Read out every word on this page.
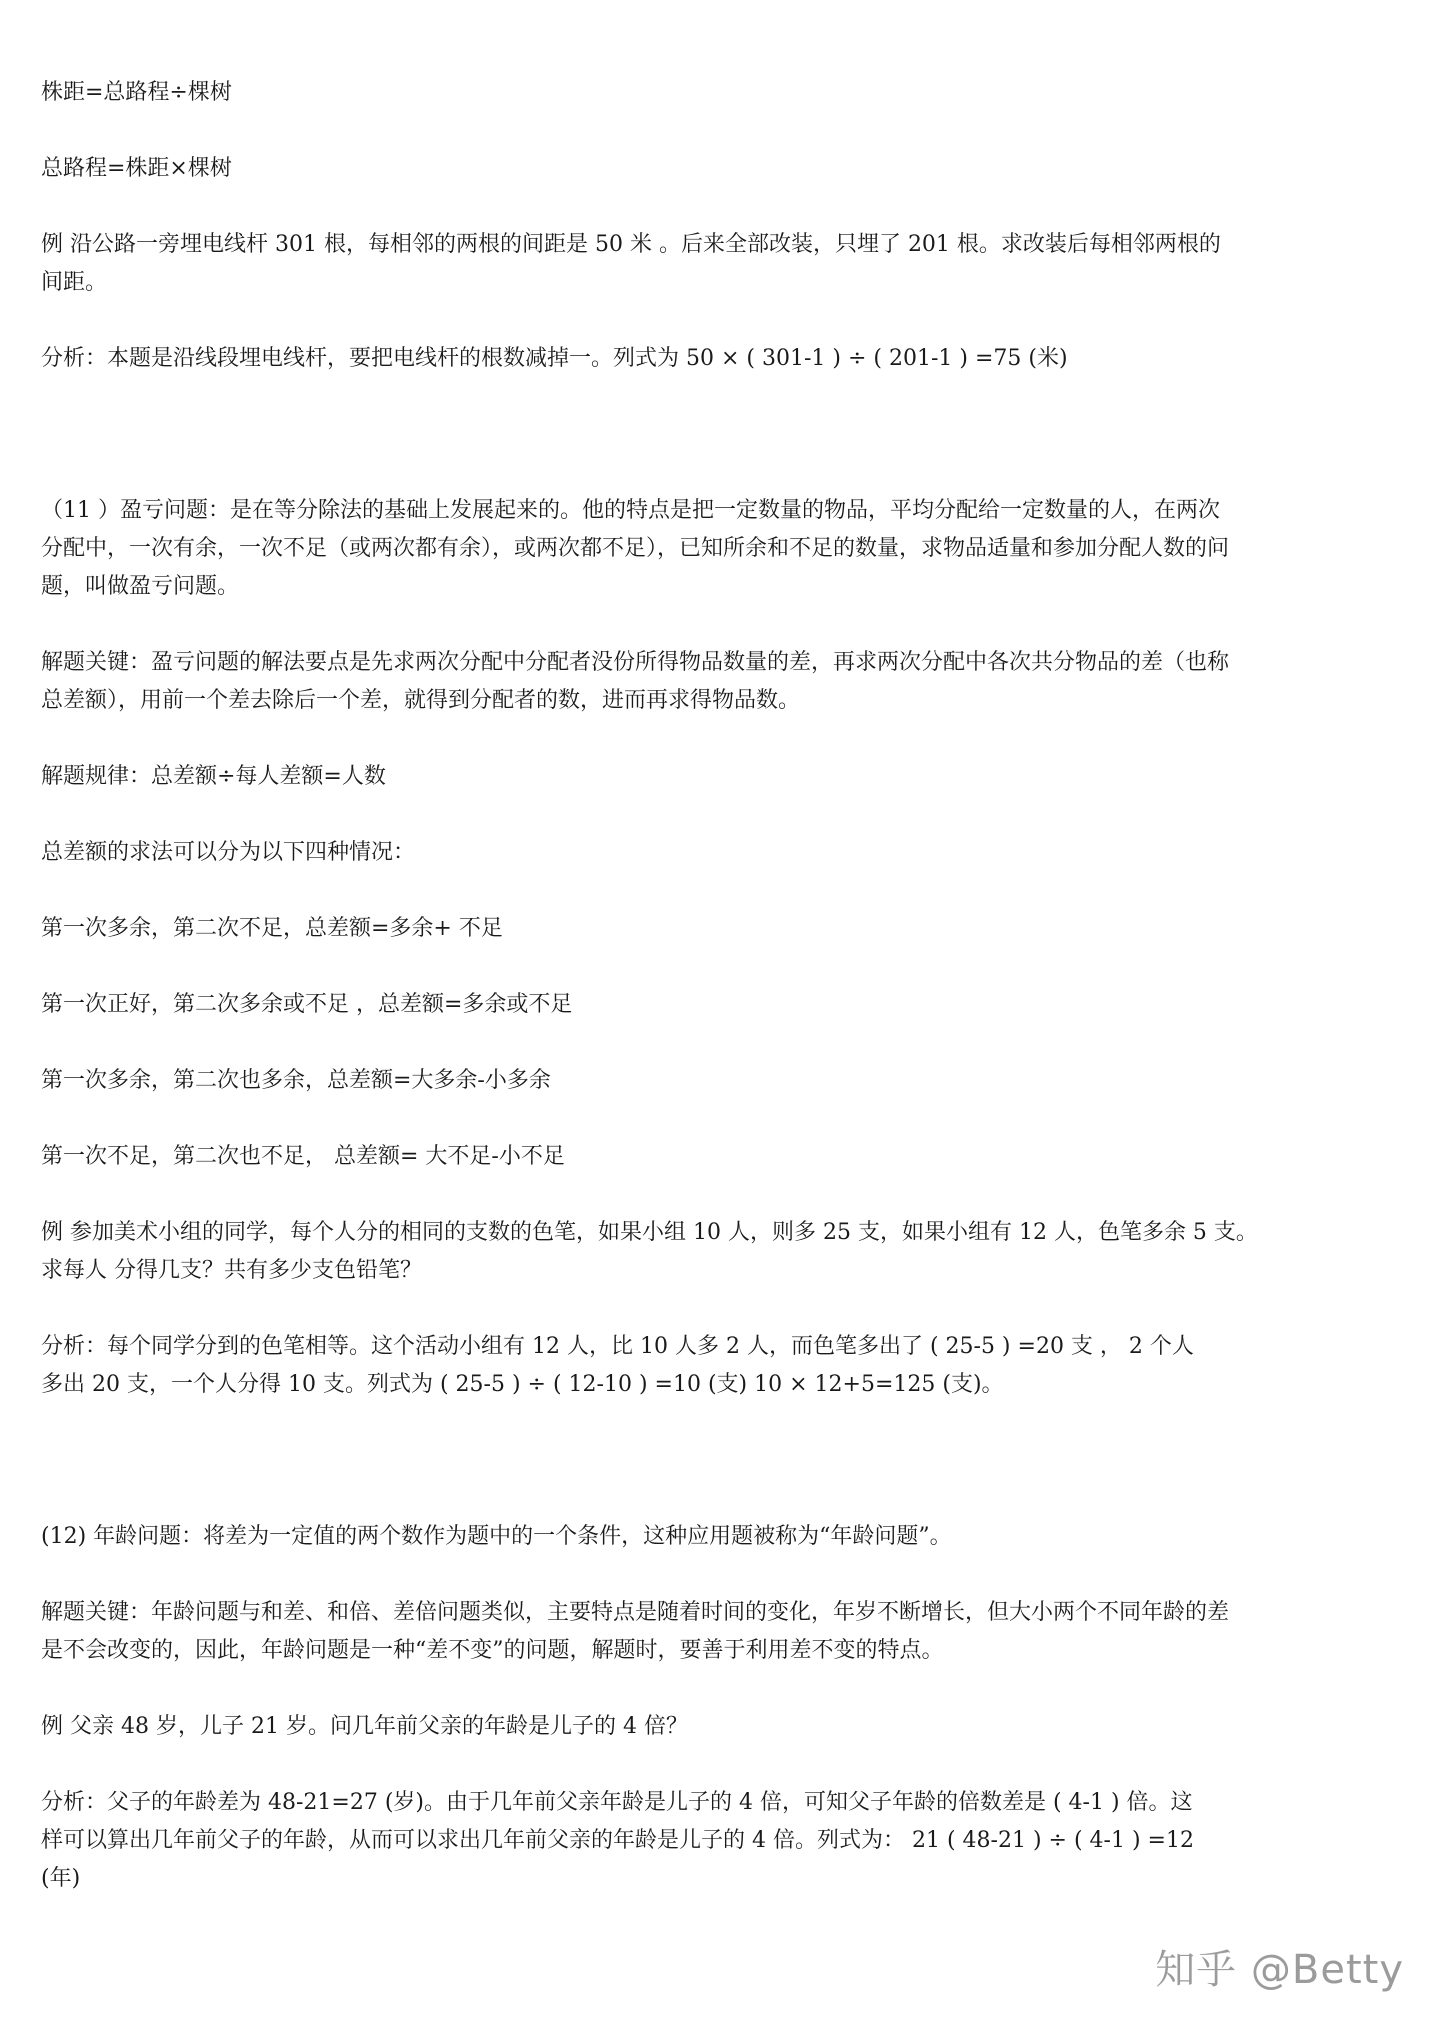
株距=总路程÷棵树

总路程=株距×棵树

例 沿公路一旁埋电线杆 301 根，每相邻的两根的间距是 50 米 。后来全部改装，只埋了 201 根。求改装后每相邻两根的

间距。

分析：本题是沿线段埋电线杆，要把电线杆的根数减掉一。列式为 50 × ( 301-1 ) ÷ ( 201-1 ) =75 (米)

（11 ）盈亏问题：是在等分除法的基础上发展起来的。他的特点是把一定数量的物品，平均分配给一定数量的人，在两次

分配中，一次有余，一次不足（或两次都有余），或两次都不足），已知所余和不足的数量，求物品适量和参加分配人数的问

题，叫做盈亏问题。

解题关键：盈亏问题的解法要点是先求两次分配中分配者没份所得物品数量的差，再求两次分配中各次共分物品的差（也称

总差额），用前一个差去除后一个差，就得到分配者的数，进而再求得物品数。

解题规律：总差额÷每人差额=人数

总差额的求法可以分为以下四种情况：

第一次多余，第二次不足，总差额=多余+ 不足

第一次正好，第二次多余或不足 ，总差额=多余或不足

第一次多余，第二次也多余，总差额=大多余-小多余

第一次不足，第二次也不足， 总差额= 大不足-小不足

例 参加美术小组的同学，每个人分的相同的支数的色笔，如果小组 10 人，则多 25 支，如果小组有 12 人，色笔多余 5 支。

求每人 分得几支？共有多少支色铅笔？

分析：每个同学分到的色笔相等。这个活动小组有 12 人，比 10 人多 2 人，而色笔多出了 ( 25-5 ) =20 支 ， 2 个人

多出 20 支，一个人分得 10 支。列式为 ( 25-5 ) ÷ ( 12-10 ) =10 (支) 10 × 12+5=125 (支)。

(12) 年龄问题：将差为一定值的两个数作为题中的一个条件，这种应用题被称为“年龄问题”。

解题关键：年龄问题与和差、和倍、差倍问题类似，主要特点是随着时间的变化，年岁不断增长，但大小两个不同年龄的差

是不会改变的，因此，年龄问题是一种“差不变”的问题，解题时，要善于利用差不变的特点。

例 父亲 48 岁，儿子 21 岁。问几年前父亲的年龄是儿子的 4 倍？

分析：父子的年龄差为 48-21=27 (岁)。由于几年前父亲年龄是儿子的 4 倍，可知父子年龄的倍数差是 ( 4-1 ) 倍。这

样可以算出几年前父子的年龄，从而可以求出几年前父亲的年龄是儿子的 4 倍。列式为： 21 ( 48-21 ) ÷ ( 4-1 ) =12

(年)

知乎 @Betty
